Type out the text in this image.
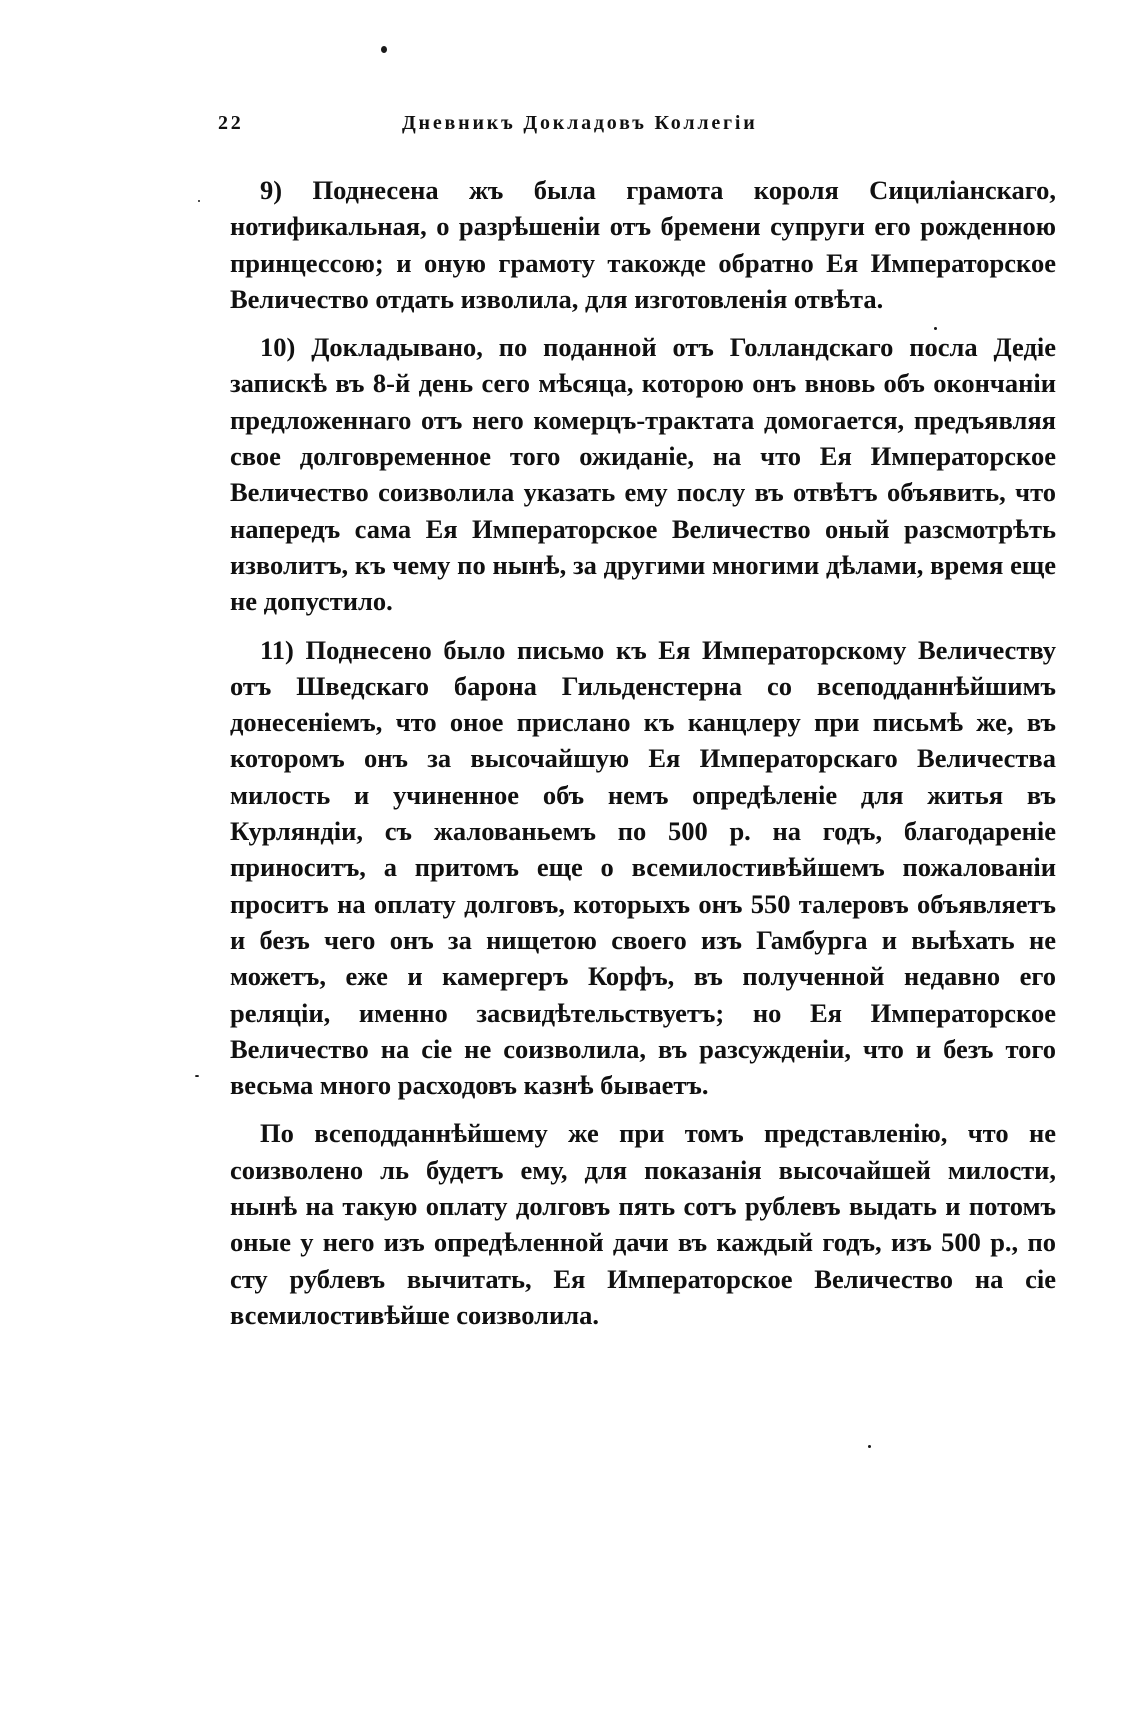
22	Дневникъ Докладовъ Коллегіи

9) Поднесена жъ была грамота короля Сициліанскаго, нотификальная, о разрѣшеніи отъ бремени супруги его рожденною принцессою; и оную грамоту такожде обратно Ея Императорское Величество отдать изволила, для изготовленія отвѣта.

10) Докладывано, по поданной отъ Голландскаго посла Дедіе запискѣ въ 8-й день сего мѣсяца, которою онъ вновь объ окончаніи предложеннаго отъ него комерцъ-трактата домогается, предъявляя свое долговременное того ожиданіе, на что Ея Императорское Величество соизволила указать ему послу въ отвѣтъ объявить, что напередъ сама Ея Императорское Величество оный разсмотрѣть изволитъ, къ чему по нынѣ, за другими многими дѣлами, время еще не допустило.

11) Поднесено было письмо къ Ея Императорскому Величеству отъ Шведскаго барона Гильденстерна со всеподданнѣйшимъ донесеніемъ, что оное прислано къ канцлеру при письмѣ же, въ которомъ онъ за высочайшую Ея Императорскаго Величества милость и учиненное объ немъ опредѣленіе для житья въ Курляндіи, съ жалованьемъ по 500 р. на годъ, благодареніе приноситъ, а притомъ еще о всемилостивѣйшемъ пожалованіи проситъ на оплату долговъ, которыхъ онъ 550 талеровъ объявляетъ и безъ чего онъ за нищетою своего изъ Гамбурга и выѣхать не можетъ, еже и камергеръ Корфъ, въ полученной недавно его реляціи, именно засвидѣтельствуетъ; но Ея Императорское Величество на сіе не соизволила, въ разсужденіи, что и безъ того весьма много расходовъ казнѣ бываетъ.

По всеподданнѣйшему же при томъ представленію, что не соизволено ль будетъ ему, для показанія высочайшей милости, нынѣ на такую оплату долговъ пять сотъ рублевъ выдать и потомъ оные у него изъ опредѣленной дачи въ каждый годъ, изъ 500 р., по сту рублевъ вычитать, Ея Императорское Величество на сіе всемилостивѣйше соизволила.
